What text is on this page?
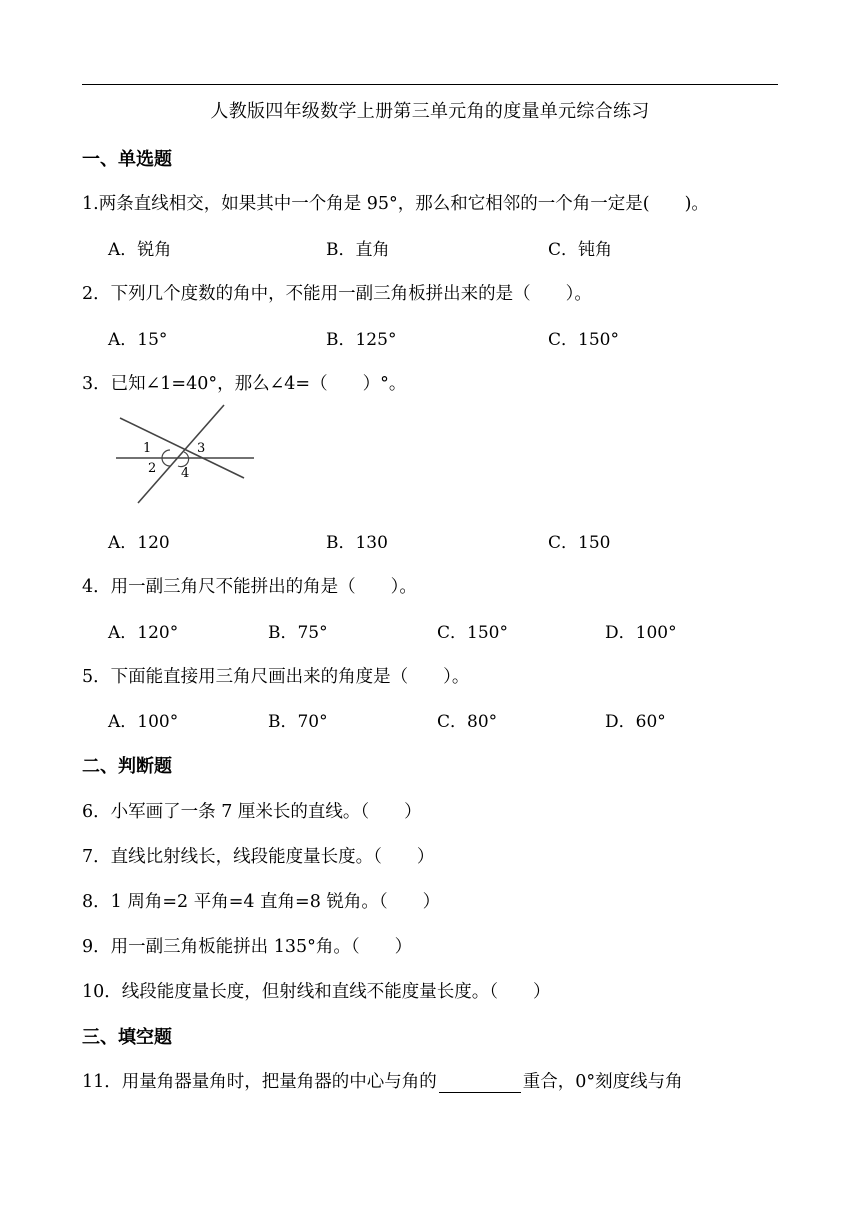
人教版四年级数学上册第三单元角的度量单元综合练习
一、单选题
1.两条直线相交，如果其中一个角是 95°，那么和它相邻的一个角一定是(　　)。
A．锐角	B．直角	C．钝角
2．下列几个度数的角中，不能用一副三角板拼出来的是（　　）。
A．15°	B．125°	C．150°
3．已知∠1=40°，那么∠4=（　　）°。
1
2
3
4
A．120	B．130	C．150
4．用一副三角尺不能拼出的角是（　　）。
A．120°	B．75°	C．150°	D．100°
5．下面能直接用三角尺画出来的角度是（　　）。
A．100°	B．70°	C．80°	D．60°
二、判断题
6．小军画了一条 7 厘米长的直线。（　　）
7．直线比射线长，线段能度量长度。（　　）
8．1 周角=2 平角=4 直角=8 锐角。（　　）
9．用一副三角板能拼出 135°角。（　　）
10．线段能度量长度，但射线和直线不能度量长度。（　　）
三、填空题
11．用量角器量角时，把量角器的中心与角的	重合，0°刻度线与角
